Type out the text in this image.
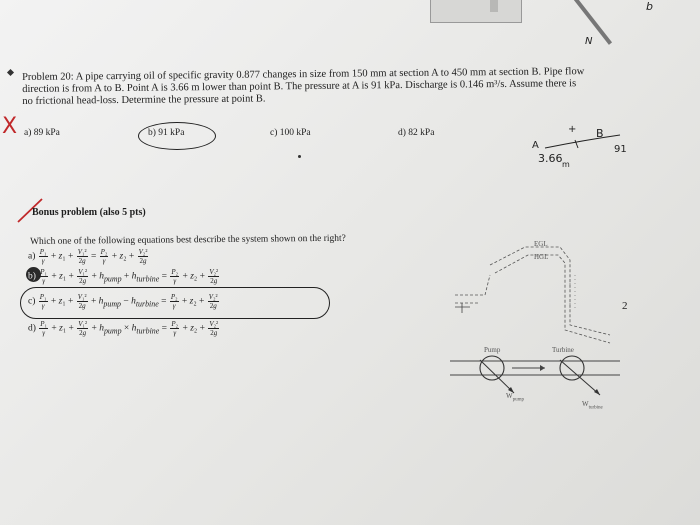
b
N
Problem 20: A pipe carrying oil of specific gravity 0.877 changes in size from 150 mm at section A to 450 mm at section B. Pipe flow
direction is from A to B. Point A is 3.66 m lower than point B. The pressure at A is 91 kPa. Discharge is 0.146 m³/s. Assume there is
no frictional head-loss. Determine the pressure at point B.
X a) 89 kPa	b) 91 kPa	c) 100 kPa	d) 82 kPa
A
+ B
91
3.66 m
Bonus problem (also 5 pts)
Which one of the following equations best describe the system shown on the right?
$a) \frac{\text{P₁}}{\gamma} + z_1 + \frac{\text{V₁²}}{2g} = \frac{\text{P₂}}{\gamma} + z_2 + \frac{\text{V₂²}}{2g}$
$b) \frac{\text{P₁}}{\gamma} + z_1 + \frac{\text{V₁²}}{2g} + h_{pump} + h_{turbine} = \frac{\text{P₂}}{\gamma} + z_2 + \frac{\text{V₂²}}{2g}$
$c) \frac{\text{P₁}}{\gamma} + z_1 + \frac{\text{V₁²}}{2g} + h_{pump} - h_{turbine} = \frac{\text{P₂}}{\gamma} + z_2 + \frac{\text{V₂²}}{2g}$
$d) \frac{\text{P₁}}{\gamma} + z_1 + \frac{\text{V₁²}}{2g} + h_{pump} \times h_{turbine} = \frac{\text{P₂}}{\gamma} + z_2 + \frac{\text{V₂²}}{2g}$
EGL
HGL
2
Pump	Turbine
$W_{pump}$
$W_{turbine}$
